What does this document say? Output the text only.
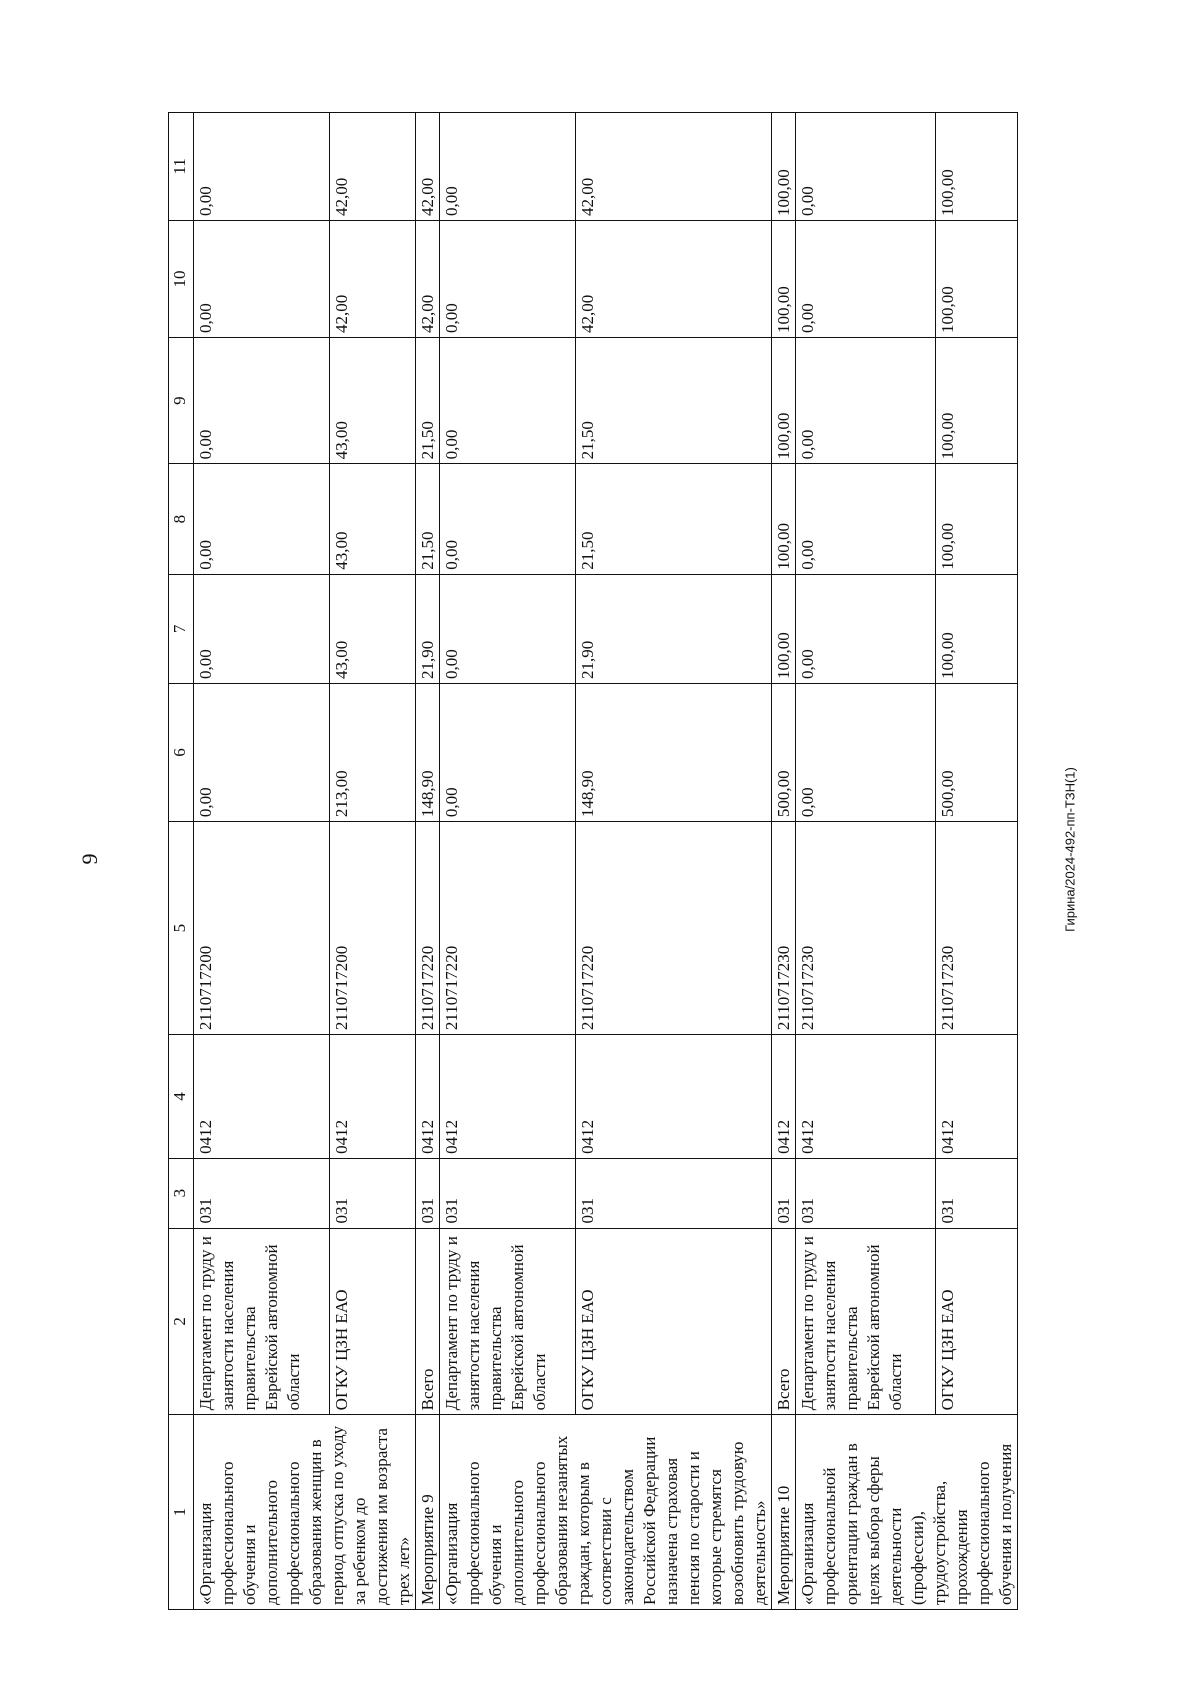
9	Гирина/2024-492-пп-ТЗН(1)
1	2	3	4	5	6	7	8	9	10	11
«Организация профессионального обучения и дополнительного профессионального образования женщин в период отпуска по уходу за ребенком до достижения им возраста трех лет»	Департамент по труду и занятости населения правительства Еврейской автономной области	031	0412	2110717200	0,00	0,00	0,00	0,00	0,00	0,00
	ОГКУ ЦЗН ЕАО	031	0412	2110717200	213,00	43,00	43,00	43,00	42,00	42,00
Мероприятие 9	Всего	031	0412	2110717220	148,90	21,90	21,50	21,50	42,00	42,00
«Организация профессионального обучения и дополнительного профессионального образования незанятых граждан, которым в соответствии с законодательством Российской Федерации назначена страховая пенсия по старости и которые стремятся возобновить трудовую деятельность»	Департамент по труду и занятости населения правительства Еврейской автономной области	031	0412	2110717220	0,00	0,00	0,00	0,00	0,00	0,00
	ОГКУ ЦЗН ЕАО	031	0412	2110717220	148,90	21,90	21,50	21,50	42,00	42,00
Мероприятие 10	Всего	031	0412	2110717230	500,00	100,00	100,00	100,00	100,00	100,00
«Организация профессиональной ориентации граждан в целях выбора сферы деятельности (профессии), трудоустройства, прохождения профессионального обучения и получения	Департамент по труду и занятости населения правительства Еврейской автономной области	031	0412	2110717230	0,00	0,00	0,00	0,00	0,00	0,00
	ОГКУ ЦЗН ЕАО	031	0412	2110717230	500,00	100,00	100,00	100,00	100,00	100,00
